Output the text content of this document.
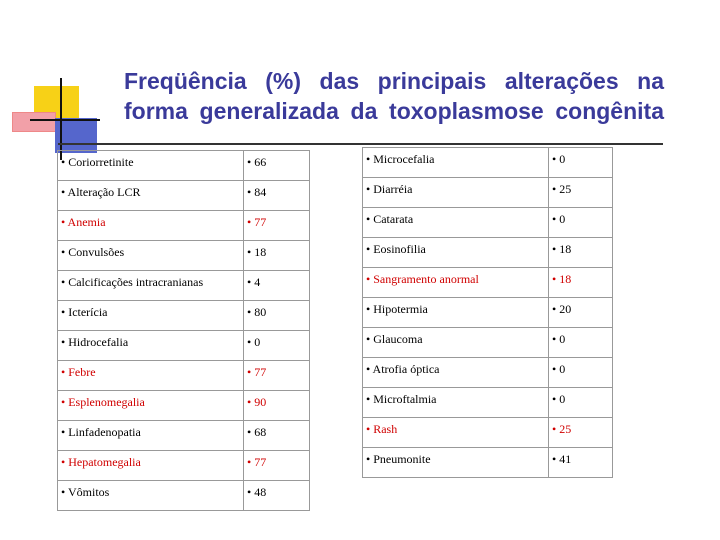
Freqüência (%) das principais alterações na
forma generalizada da toxoplasmose congênita
• Coriorretinite	• 66
• Alteração LCR	• 84
• Anemia	• 77
• Convulsões	• 18
• Calcificações intracranianas	• 4
• Icterícia	• 80
• Hidrocefalia	• 0
• Febre	• 77
• Esplenomegalia	• 90
• Linfadenopatia	• 68
• Hepatomegalia	• 77
• Vômitos	• 48
• Microcefalia	• 0
• Diarréia	• 25
• Catarata	• 0
• Eosinofilia	• 18
• Sangramento anormal	• 18
• Hipotermia	• 20
• Glaucoma	• 0
• Atrofia óptica	• 0
• Microftalmia	• 0
• Rash	• 25
• Pneumonite	• 41
